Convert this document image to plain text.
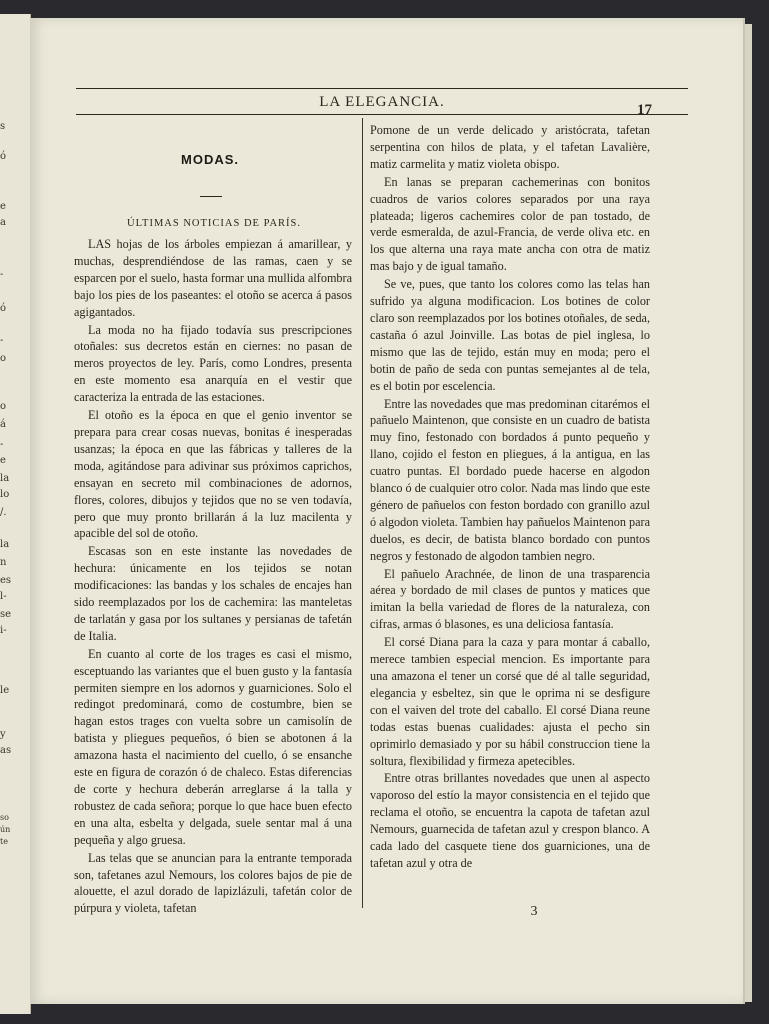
s
ó
e
a
-
ó
-
o
o
á
-
e
la
lo
/.
la
n
es
l-
se
i-
le
y
as
so
ún
te
LA ELEGANCIA.	17
MODAS.
ÚLTIMAS NOTICIAS DE PARÍS.

LAS hojas de los árboles empiezan á amarillear, y muchas, desprendiéndose de las ramas, caen y se esparcen por el suelo, hasta formar una mullida alfombra bajo los pies de los paseantes: el otoño se acerca á pasos agigantados.

La moda no ha fijado todavía sus prescripciones otoñales: sus decretos están en ciernes: no pasan de meros proyectos de ley. París, como Londres, presenta en este momento esa anarquía en el vestir que caracteriza la entrada de las estaciones.

El otoño es la época en que el genio inventor se prepara para crear cosas nuevas, bonitas é inesperadas usanzas; la época en que las fábricas y talleres de la moda, agitándose para adivinar sus próximos caprichos, ensayan en secreto mil combinaciones de adornos, flores, colores, dibujos y tejidos que no se ven todavía, pero que muy pronto brillarán á la luz macilenta y apacible del sol de otoño.

Escasas son en este instante las novedades de hechura: únicamente en los tejidos se notan modificaciones: las bandas y los schales de encajes han sido reemplazados por los de cachemira: las manteletas de tarlatán y gasa por los sultanes y persianas de tafetán de Italia.

En cuanto al corte de los trages es casi el mismo, esceptuando las variantes que el buen gusto y la fantasía permiten siempre en los adornos y guarniciones. Solo el redingot predominará, como de costumbre, bien se hagan estos trages con vuelta sobre un camisolín de batista y pliegues pequeños, ó bien se abotonen á la amazona hasta el nacimiento del cuello, ó se ensanche este en figura de corazón ó de chaleco. Estas diferencias de corte y hechura deberán arreglarse á la talla y robustez de cada señora; porque lo que hace buen efecto en una alta, esbelta y delgada, suele sentar mal á una pequeña y algo gruesa.

Las telas que se anuncian para la entrante temporada son, tafetanes azul Nemours, los colores bajos de pie de alouette, el azul dorado de lapizlázuli, tafetán color de púrpura y violeta, tafetan

Pomone de un verde delicado y aristócrata, tafetan serpentina con hilos de plata, y el tafetan Lavalière, matiz carmelita y matiz violeta obispo.

En lanas se preparan cachemerinas con bonitos cuadros de varios colores separados por una raya plateada; ligeros cachemires color de pan tostado, de verde esmeralda, de azul-Francia, de verde oliva etc. en los que alterna una raya mate ancha con otra de matiz mas bajo y de igual tamaño.

Se ve, pues, que tanto los colores como las telas han sufrido ya alguna modificacion. Los botines de color claro son reemplazados por los botines otoñales, de seda, castaña ó azul Joinville. Las botas de piel inglesa, lo mismo que las de tejido, están muy en moda; pero el botin de paño de seda con puntas semejantes al de tela, es el botin por escelencia.

Entre las novedades que mas predominan citarémos el pañuelo Maintenon, que consiste en un cuadro de batista muy fino, festonado con bordados á punto pequeño y llano, cojido el feston en pliegues, á la antigua, en las cuatro puntas. El bordado puede hacerse en algodon blanco ó de cualquier otro color. Nada mas lindo que este género de pañuelos con feston bordado con granillo azul ó algodon violeta. Tambien hay pañuelos Maintenon para duelos, es decir, de batista blanco bordado con puntos negros y festonado de algodon tambien negro.

El pañuelo Arachnée, de linon de una trasparencia aérea y bordado de mil clases de puntos y matices que imitan la bella variedad de flores de la naturaleza, con cifras, armas ó blasones, es una deliciosa fantasía.

El corsé Diana para la caza y para montar á caballo, merece tambien especial mencion. Es importante para una amazona el tener un corsé que dé al talle seguridad, elegancia y esbeltez, sin que le oprima ni se desfigure con el vaiven del trote del caballo. El corsé Diana reune todas estas buenas cualidades: ajusta el pecho sin oprimirlo demasiado y por su hábil construccion tiene la soltura, flexibilidad y firmeza apetecibles.

Entre otras brillantes novedades que unen al aspecto vaporoso del estío la mayor consistencia en el tejido que reclama el otoño, se encuentra la capota de tafetan azul Nemours, guarnecida de tafetan azul y crespon blanco. A cada lado del casquete tiene dos guarniciones, una de tafetan azul y otra de

3
